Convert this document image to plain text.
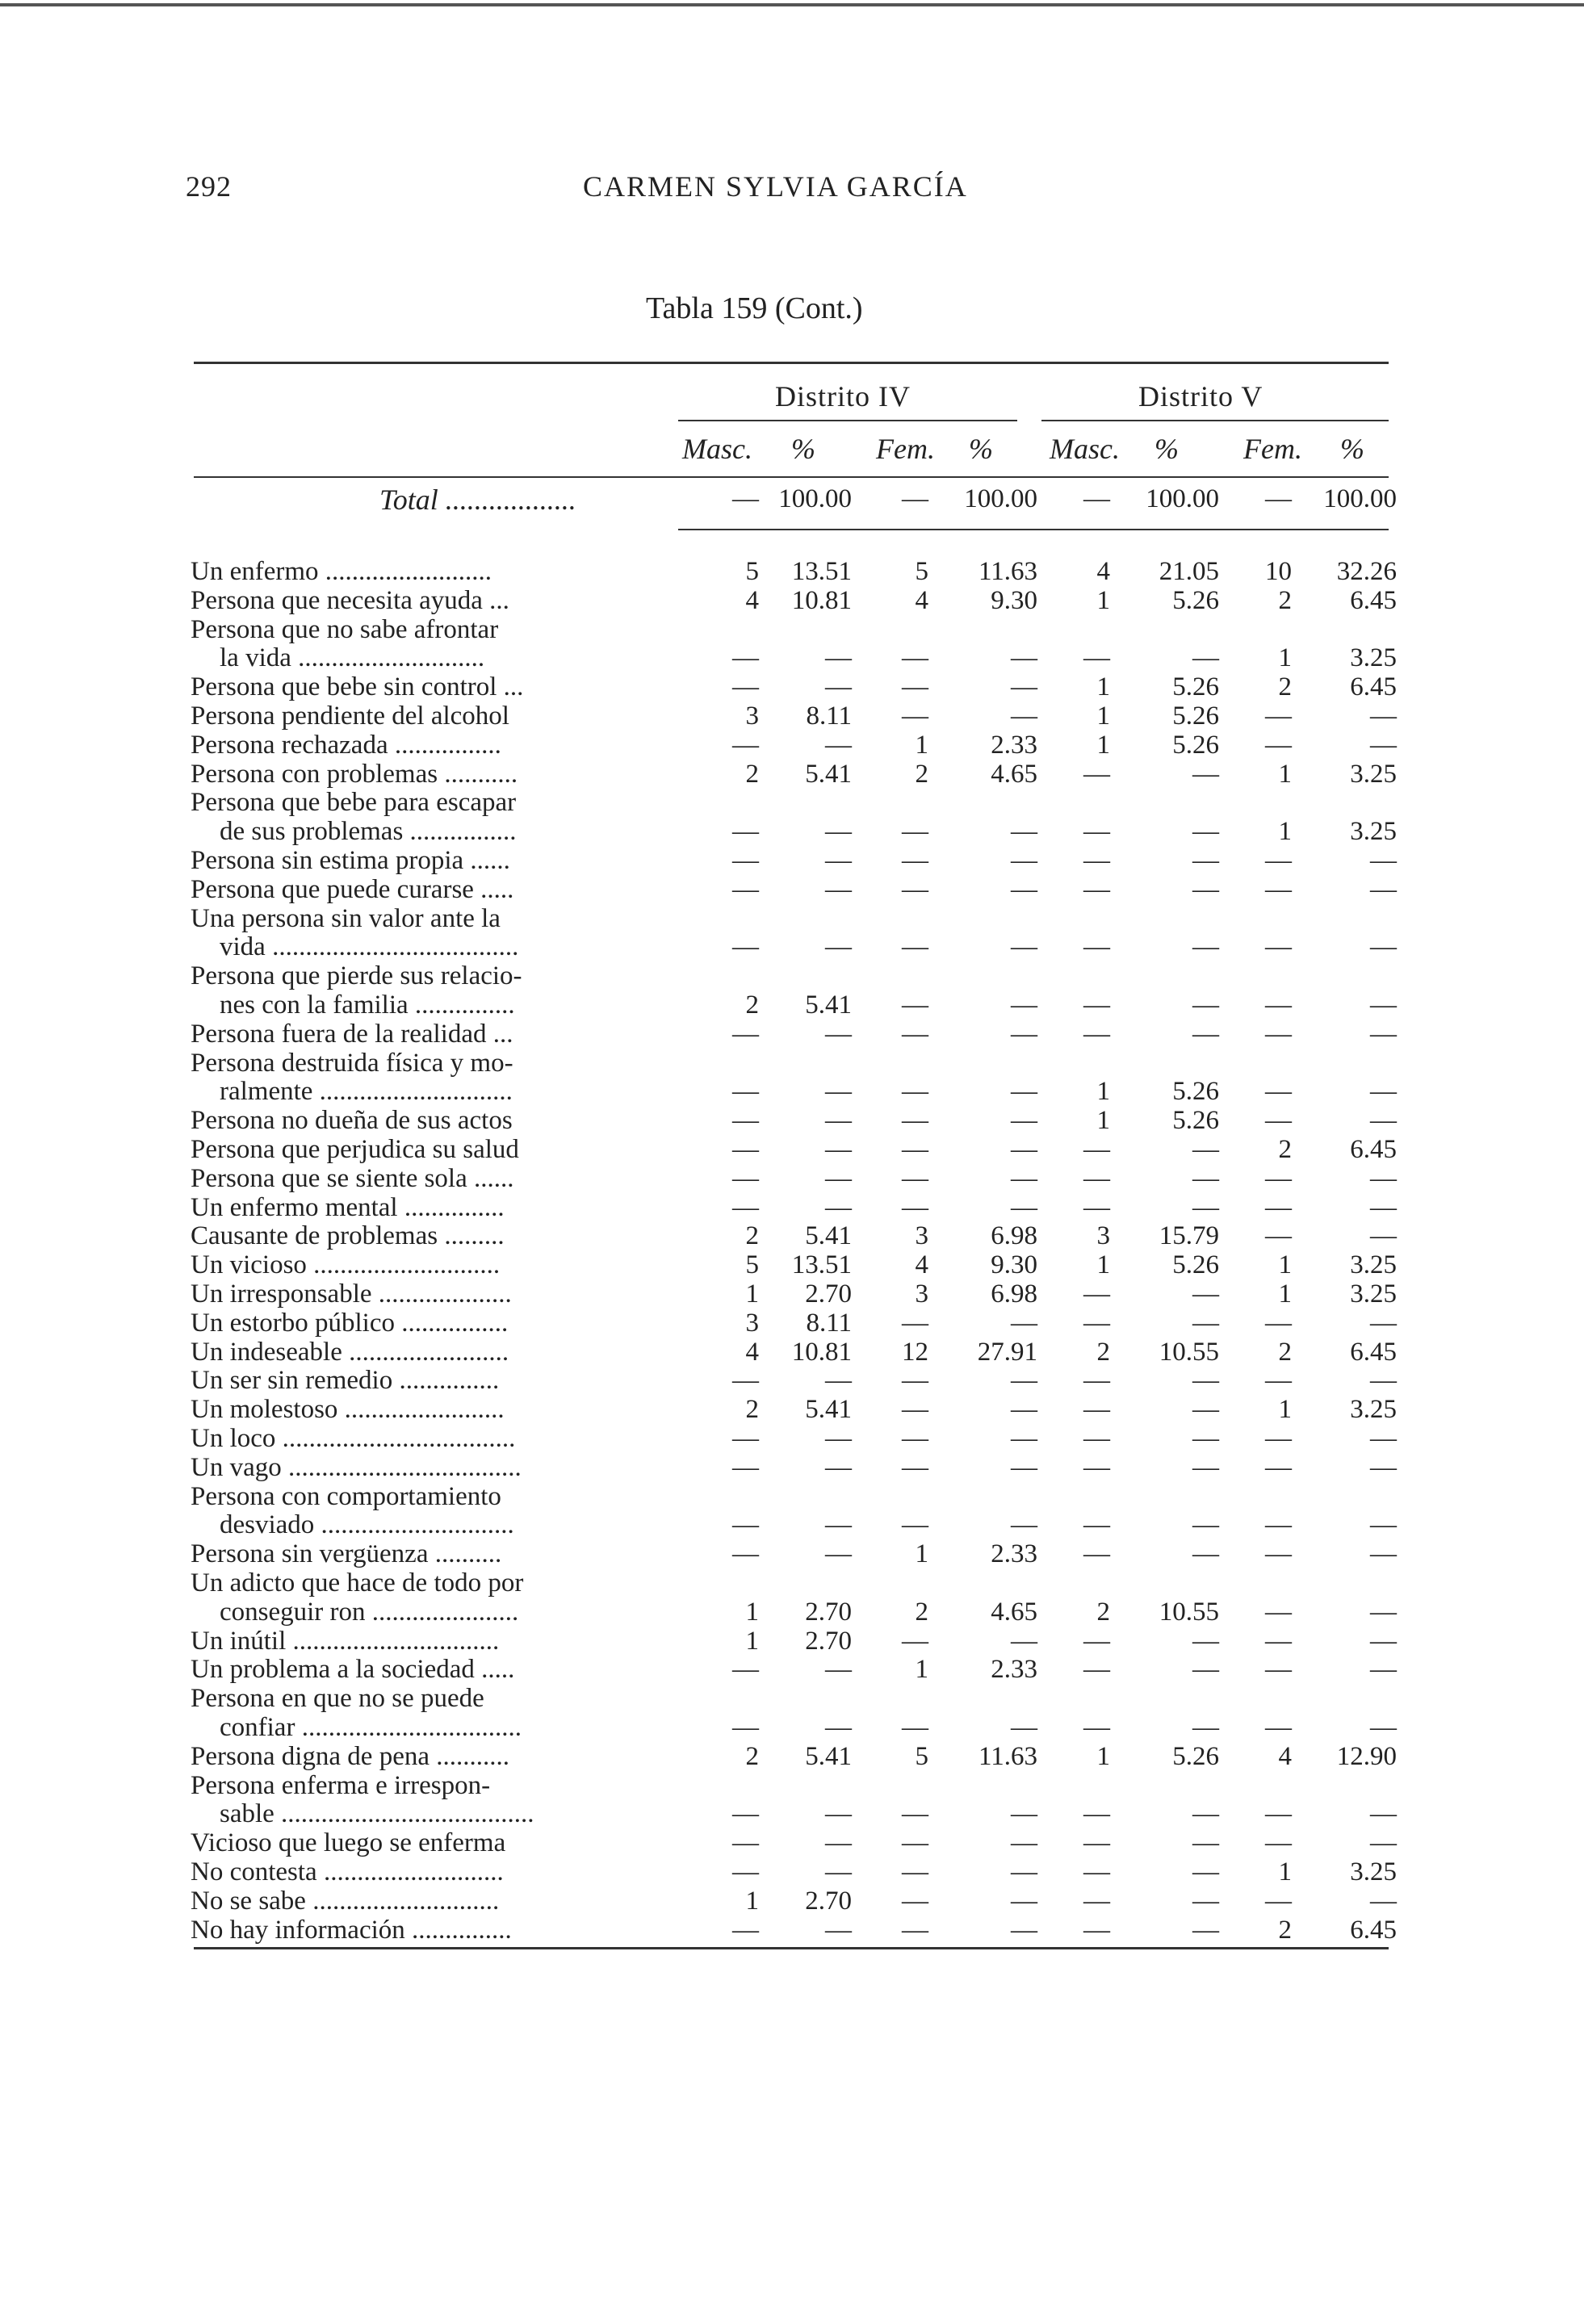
292	CARMEN SYLVIA GARCÍA
Tabla 159 (Cont.)
Distrito IV	Distrito V
Masc. % Fem. % Masc. % Fem. %
Total ..................	— 100.00	—	100.00	—	100.00	—	100.00
Un enfermo .........................	5	13.51	5	11.63	4	21.05	10	32.26
Persona que necesita ayuda ...	4	10.81	4	9.30	1	5.26	2	6.45
Persona que no sabe afrontar
la vida ............................	—	—	—	—	—	—	1	3.25
Persona que bebe sin control ...	—	—	—	—	1	5.26	2	6.45
Persona pendiente del alcohol	3	8.11	—	—	1	5.26	—	—
Persona rechazada ................	—	—	1	2.33	1	5.26	—	—
Persona con problemas ...........	2	5.41	2	4.65	—	—	1	3.25
Persona que bebe para escapar
de sus problemas ................	—	—	—	—	—	—	1	3.25
Persona sin estima propia ......	—	—	—	—	—	—	—	—
Persona que puede curarse .....	—	—	—	—	—	—	—	—
Una persona sin valor ante la
vida .....................................	—	—	—	—	—	—	—	—
Persona que pierde sus relacio-
nes con la familia ...............	2	5.41	—	—	—	—	—	—
Persona fuera de la realidad ...	—	—	—	—	—	—	—	—
Persona destruida física y mo-
ralmente .............................	—	—	—	—	1	5.26	—	—
Persona no dueña de sus actos	—	—	—	—	1	5.26	—	—
Persona que perjudica su salud	—	—	—	—	—	—	2	6.45
Persona que se siente sola ......	—	—	—	—	—	—	—	—
Un enfermo mental ...............	—	—	—	—	—	—	—	—
Causante de problemas .........	2	5.41	3	6.98	3	15.79	—	—
Un vicioso ............................	5	13.51	4	9.30	1	5.26	1	3.25
Un irresponsable ....................	1	2.70	3	6.98	—	—	1	3.25
Un estorbo público ................	3	8.11	—	—	—	—	—	—
Un indeseable ........................	4	10.81	12	27.91	2	10.55	2	6.45
Un ser sin remedio ...............	—	—	—	—	—	—	—	—
Un molestoso ........................	2	5.41	—	—	—	—	1	3.25
Un loco ...................................	—	—	—	—	—	—	—	—
Un vago ...................................	—	—	—	—	—	—	—	—
Persona con comportamiento
desviado .............................	—	—	—	—	—	—	—	—
Persona sin vergüenza ..........	—	—	1	2.33	—	—	—	—
Un adicto que hace de todo por
conseguir ron ......................	1	2.70	2	4.65	2	10.55	—	—
Un inútil ...............................	1	2.70	—	—	—	—	—	—
Un problema a la sociedad .....	—	—	1	2.33	—	—	—	—
Persona en que no se puede
confiar .................................	—	—	—	—	—	—	—	—
Persona digna de pena ...........	2	5.41	5	11.63	1	5.26	4	12.90
Persona enferma e irrespon-
sable ......................................	—	—	—	—	—	—	—	—
Vicioso que luego se enferma	—	—	—	—	—	—	—	—
No contesta ...........................	—	—	—	—	—	—	1	3.25
No se sabe ............................	1	2.70	—	—	—	—	—	—
No hay información ...............	—	—	—	—	—	—	2	6.45
